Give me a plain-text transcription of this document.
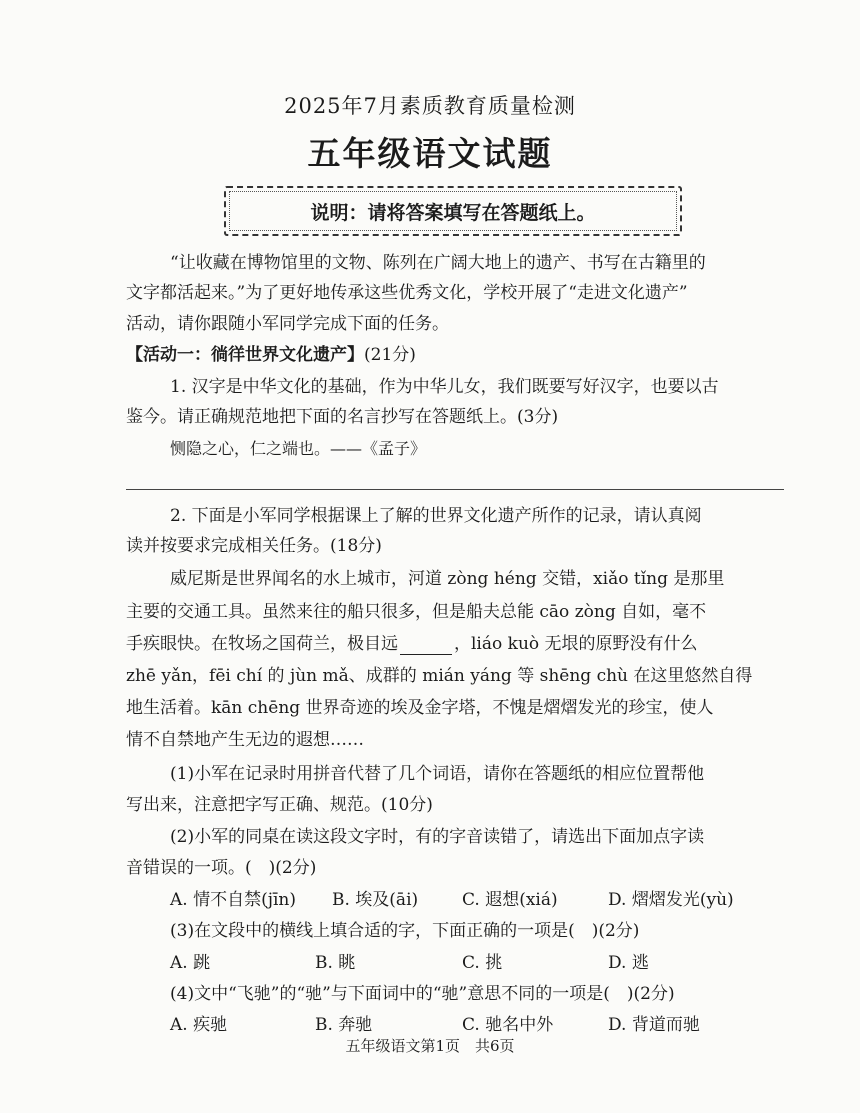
2025年7月素质教育质量检测
五年级语文试题
说明：请将答案填写在答题纸上。
“让收藏在博物馆里的文物、陈列在广阔大地上的遗产、书写在古籍里的
文字都活起来。”为了更好地传承这些优秀文化，学校开展了“走进文化遗产”
活动，请你跟随小军同学完成下面的任务。
【活动一：徜徉世界文化遗产】(21分)
1. 汉字是中华文化的基础，作为中华儿女，我们既要写好汉字，也要以古
鉴今。请正确规范地把下面的名言抄写在答题纸上。(3分)
恻隐之心，仁之端也。——《孟子》
2. 下面是小军同学根据课上了解的世界文化遗产所作的记录，请认真阅
读并按要求完成相关任务。(18分)
威尼斯是世界闻名的水上城市，河道 zòng héng 交错，xiǎo tǐng 是那里
主要的交通工具。虽然来往的船只很多，但是船夫总能 cāo zòng 自如，毫不
手疾眼快。在牧场之国荷兰，极目远	，liáo kuò 无垠的原野没有什么
zhē yǎn，fēi chí 的 jùn mǎ、成群的 mián yáng 等 shēng chù 在这里悠然自得
地生活着。kān chēng 世界奇迹的埃及金字塔，不愧是熠熠发光的珍宝，使人
情不自禁地产生无边的遐想……
(1)小军在记录时用拼音代替了几个词语，请你在答题纸的相应位置帮他
写出来，注意把字写正确、规范。(10分)
(2)小军的同桌在读这段文字时，有的字音读错了，请选出下面加点字读
音错误的一项。(　)(2分)
A. 情不自禁(jīn) B. 埃及(āi)	C. 遐想(xiá)	D. 熠熠发光(yù)
(3)在文段中的横线上填合适的字，下面正确的一项是(　)(2分)
A. 跳	B. 眺	C. 挑	D. 逃
(4)文中“飞驰”的“驰”与下面词中的“驰”意思不同的一项是(　)(2分)
A. 疾驰	B. 奔驰	C. 驰名中外	D. 背道而驰
五年级语文第1页　共6页
